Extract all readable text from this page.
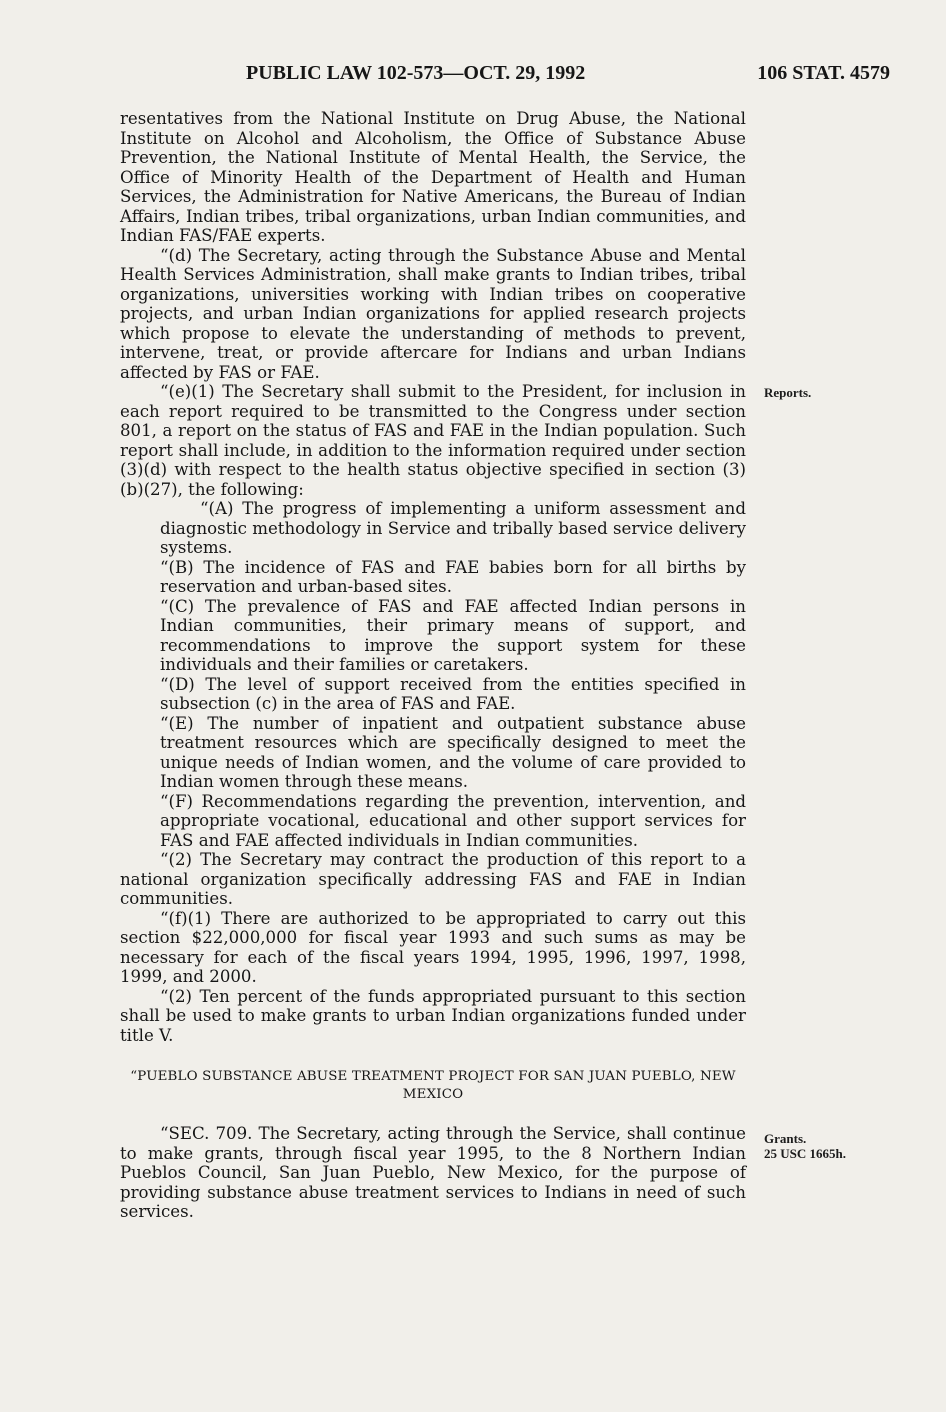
PUBLIC LAW 102-573—OCT. 29, 1992	106 STAT. 4579

resentatives from the National Institute on Drug Abuse, the National Institute on Alcohol and Alcoholism, the Office of Substance Abuse Prevention, the National Institute of Mental Health, the Service, the Office of Minority Health of the Department of Health and Human Services, the Administration for Native Americans, the Bureau of Indian Affairs, Indian tribes, tribal organizations, urban Indian communities, and Indian FAS/FAE experts.

“(d) The Secretary, acting through the Substance Abuse and Mental Health Services Administration, shall make grants to Indian tribes, tribal organizations, universities working with Indian tribes on cooperative projects, and urban Indian organizations for applied research projects which propose to elevate the understanding of methods to prevent, intervene, treat, or provide aftercare for Indians and urban Indians affected by FAS or FAE.

“(e)(1) The Secretary shall submit to the President, for inclusion in each report required to be transmitted to the Congress under section 801, a report on the status of FAS and FAE in the Indian population. Such report shall include, in addition to the information required under section (3)(d) with respect to the health status objective specified in section (3)(b)(27), the following:

“(A) The progress of implementing a uniform assessment and diagnostic methodology in Service and tribally based service delivery systems.

“(B) The incidence of FAS and FAE babies born for all births by reservation and urban-based sites.

“(C) The prevalence of FAS and FAE affected Indian persons in Indian communities, their primary means of support, and recommendations to improve the support system for these individuals and their families or caretakers.

“(D) The level of support received from the entities specified in subsection (c) in the area of FAS and FAE.

“(E) The number of inpatient and outpatient substance abuse treatment resources which are specifically designed to meet the unique needs of Indian women, and the volume of care provided to Indian women through these means.

“(F) Recommendations regarding the prevention, intervention, and appropriate vocational, educational and other support services for FAS and FAE affected individuals in Indian communities.

“(2) The Secretary may contract the production of this report to a national organization specifically addressing FAS and FAE in Indian communities.

“(f)(1) There are authorized to be appropriated to carry out this section $22,000,000 for fiscal year 1993 and such sums as may be necessary for each of the fiscal years 1994, 1995, 1996, 1997, 1998, 1999, and 2000.

“(2) Ten percent of the funds appropriated pursuant to this section shall be used to make grants to urban Indian organizations funded under title V.

“PUEBLO SUBSTANCE ABUSE TREATMENT PROJECT FOR SAN JUAN PUEBLO, NEW MEXICO

“SEC. 709. The Secretary, acting through the Service, shall continue to make grants, through fiscal year 1995, to the 8 Northern Indian Pueblos Council, San Juan Pueblo, New Mexico, for the purpose of providing substance abuse treatment services to Indians in need of such services.

Reports.
Grants.
25 USC 1665h.
